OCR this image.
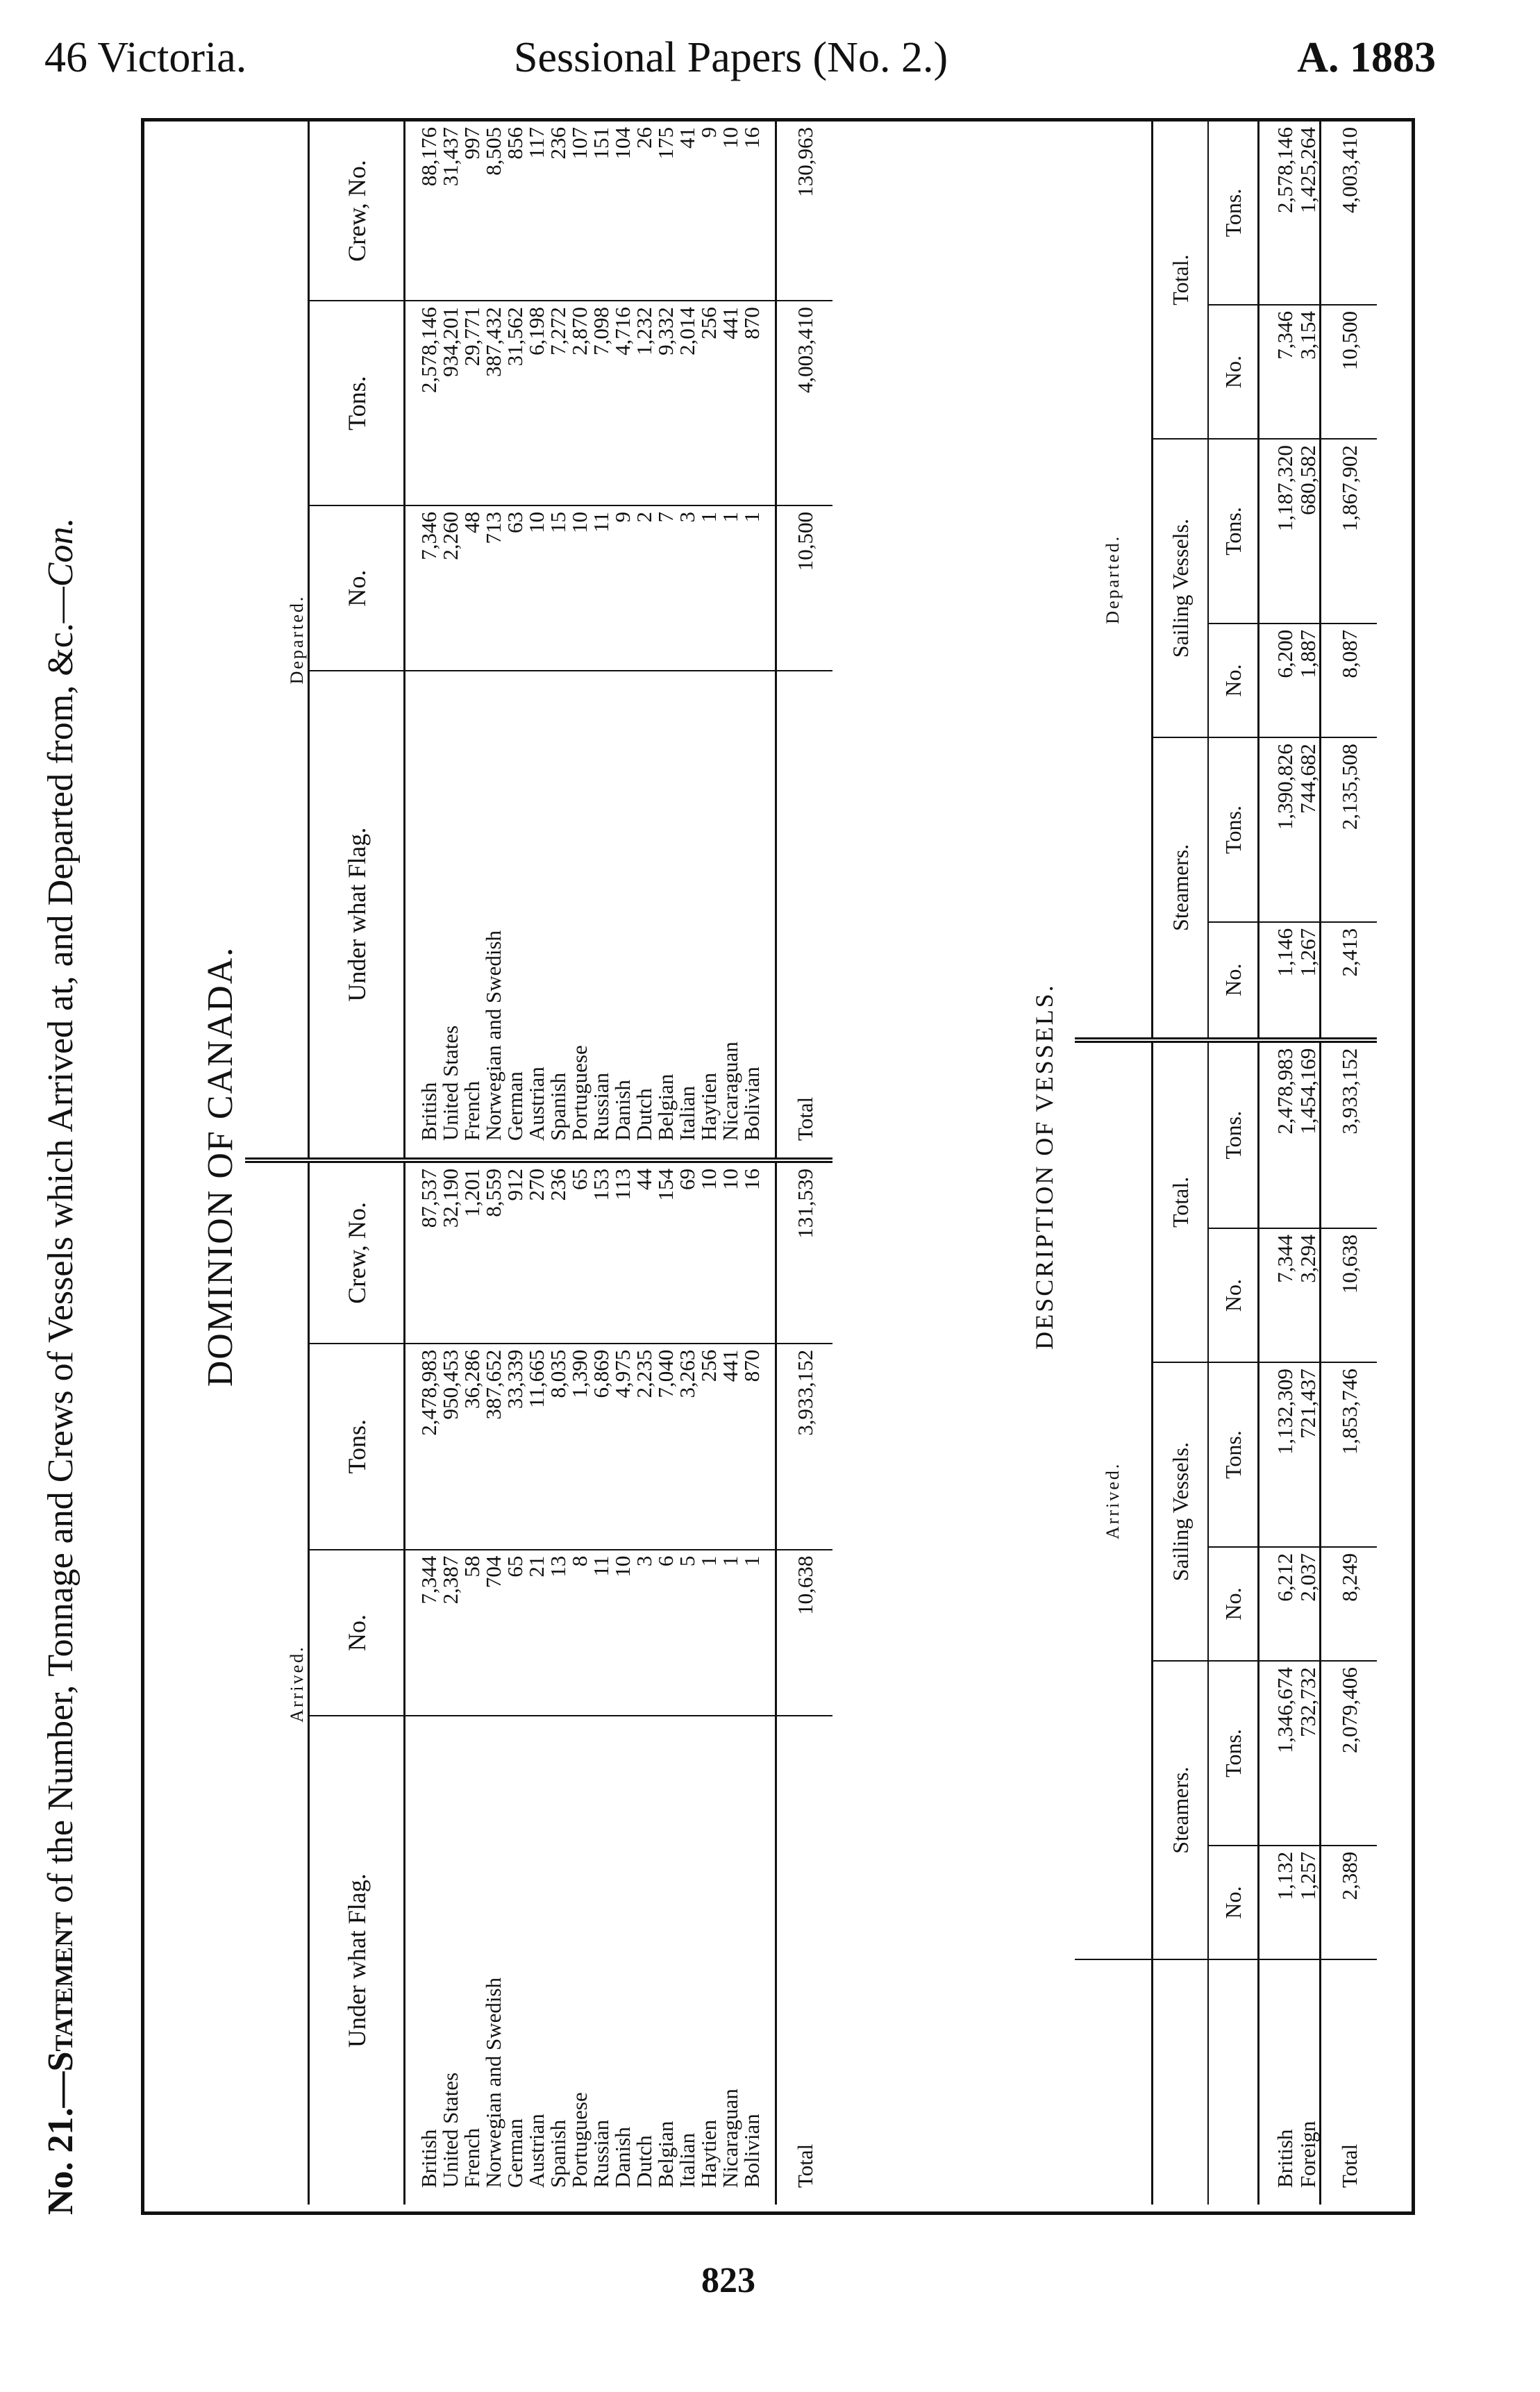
46 Victoria.	Sessional Papers (No. 2.)	A. 1883
No. 21.—Statement of the Number, Tonnage and Crews of Vessels which Arrived at, and Departed from, &c.—Con.
DOMINION OF CANADA.
Arrived.			
Under what Flag.	No.	Tons.	Crew, No.
British	7,344	2,478,983	87,537
United States	2,387	950,453	32,190
French	58	36,286	1,201
Norwegian and Swedish	704	387,652	8,559
German	65	33,339	912
Austrian	21	11,665	270
Spanish	13	8,035	236
Portuguese	8	1,390	65
Russian	11	6,869	153
Danish	10	4,975	113
Dutch	3	2,235	44
Belgian	6	7,040	154
Italian	5	3,263	69
Haytien	1	256	10
Nicaraguan	1	441	10
Bolivian	1	870	16
Total	10,638	3,933,152	131,539
Departed.			
Under what Flag.	No.	Tons.	Crew, No.
British	7,346	2,578,146	88,176
United States	2,260	934,201	31,437
French	48	29,771	997
Norwegian and Swedish	713	387,432	8,505
German	63	31,562	856
Austrian	10	6,198	117
Spanish	15	7,272	236
Portuguese	10	2,870	107
Russian	11	7,098	151
Danish	9	4,716	104
Dutch	2	1,232	26
Belgian	7	9,332	175
Italian	3	2,014	41
Haytien	1	256	9
Nicaraguan	1	441	10
Bolivian	1	870	16
Total	10,500	4,003,410	130,963
DESCRIPTION OF VESSELS.
	Arrived.						Departed.					
	Steamers.		Sailing Vessels.		Total.		Steamers.		Sailing Vessels.		Total.	
	No.	Tons.	No.	Tons.	No.	Tons.	No.	Tons.	No.	Tons.	No.	Tons.
British	1,132	1,346,674	6,212	1,132,309	7,344	2,478,983	1,146	1,390,826	6,200	1,187,320	7,346	2,578,146
Foreign	1,257	732,732	2,037	721,437	3,294	1,454,169	1,267	744,682	1,887	680,582	3,154	1,425,264
Total	2,389	2,079,406	8,249	1,853,746	10,638	3,933,152	2,413	2,135,508	8,087	1,867,902	10,500	4,003,410
823
